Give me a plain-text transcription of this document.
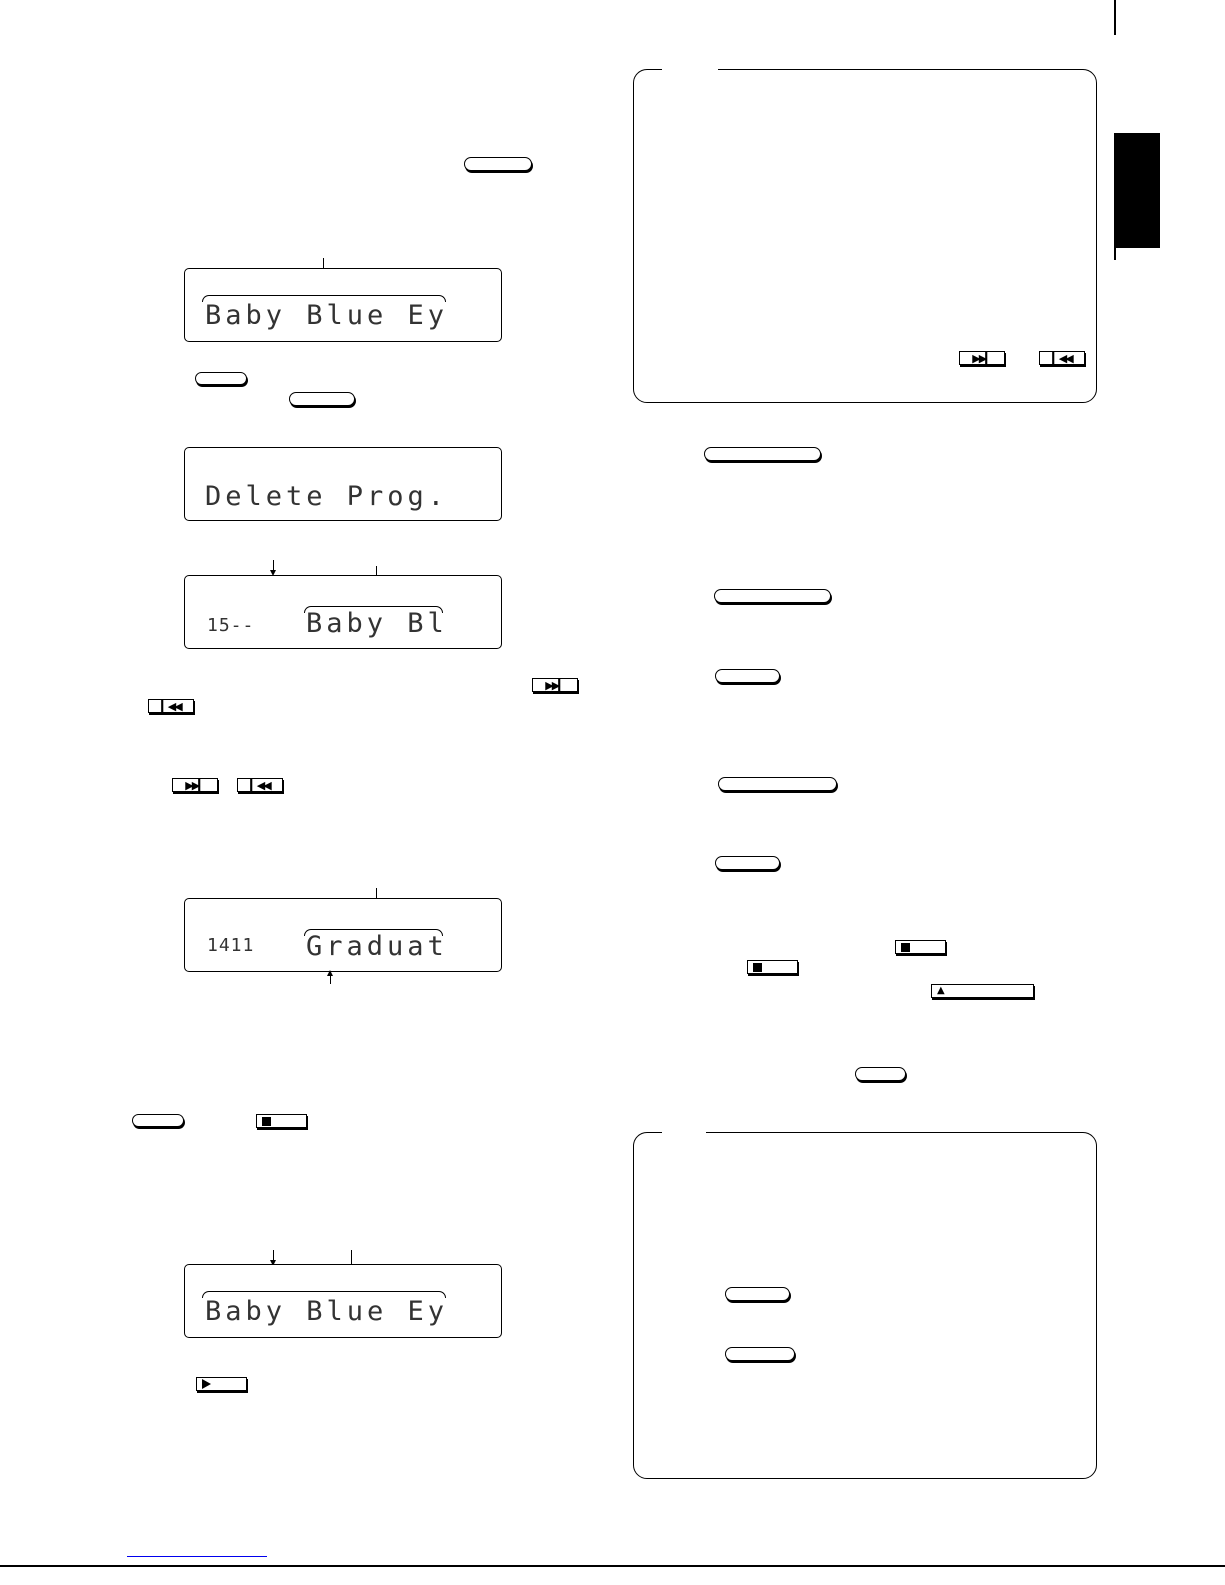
Baby Blue Ey
Delete Prog.
15-- Baby Bl
▶▶▎
▎◀◀
▶▶▎	▎◀◀
1411 Graduat
Baby Blue Ey
▶▶▎	▎◀◀
▲
